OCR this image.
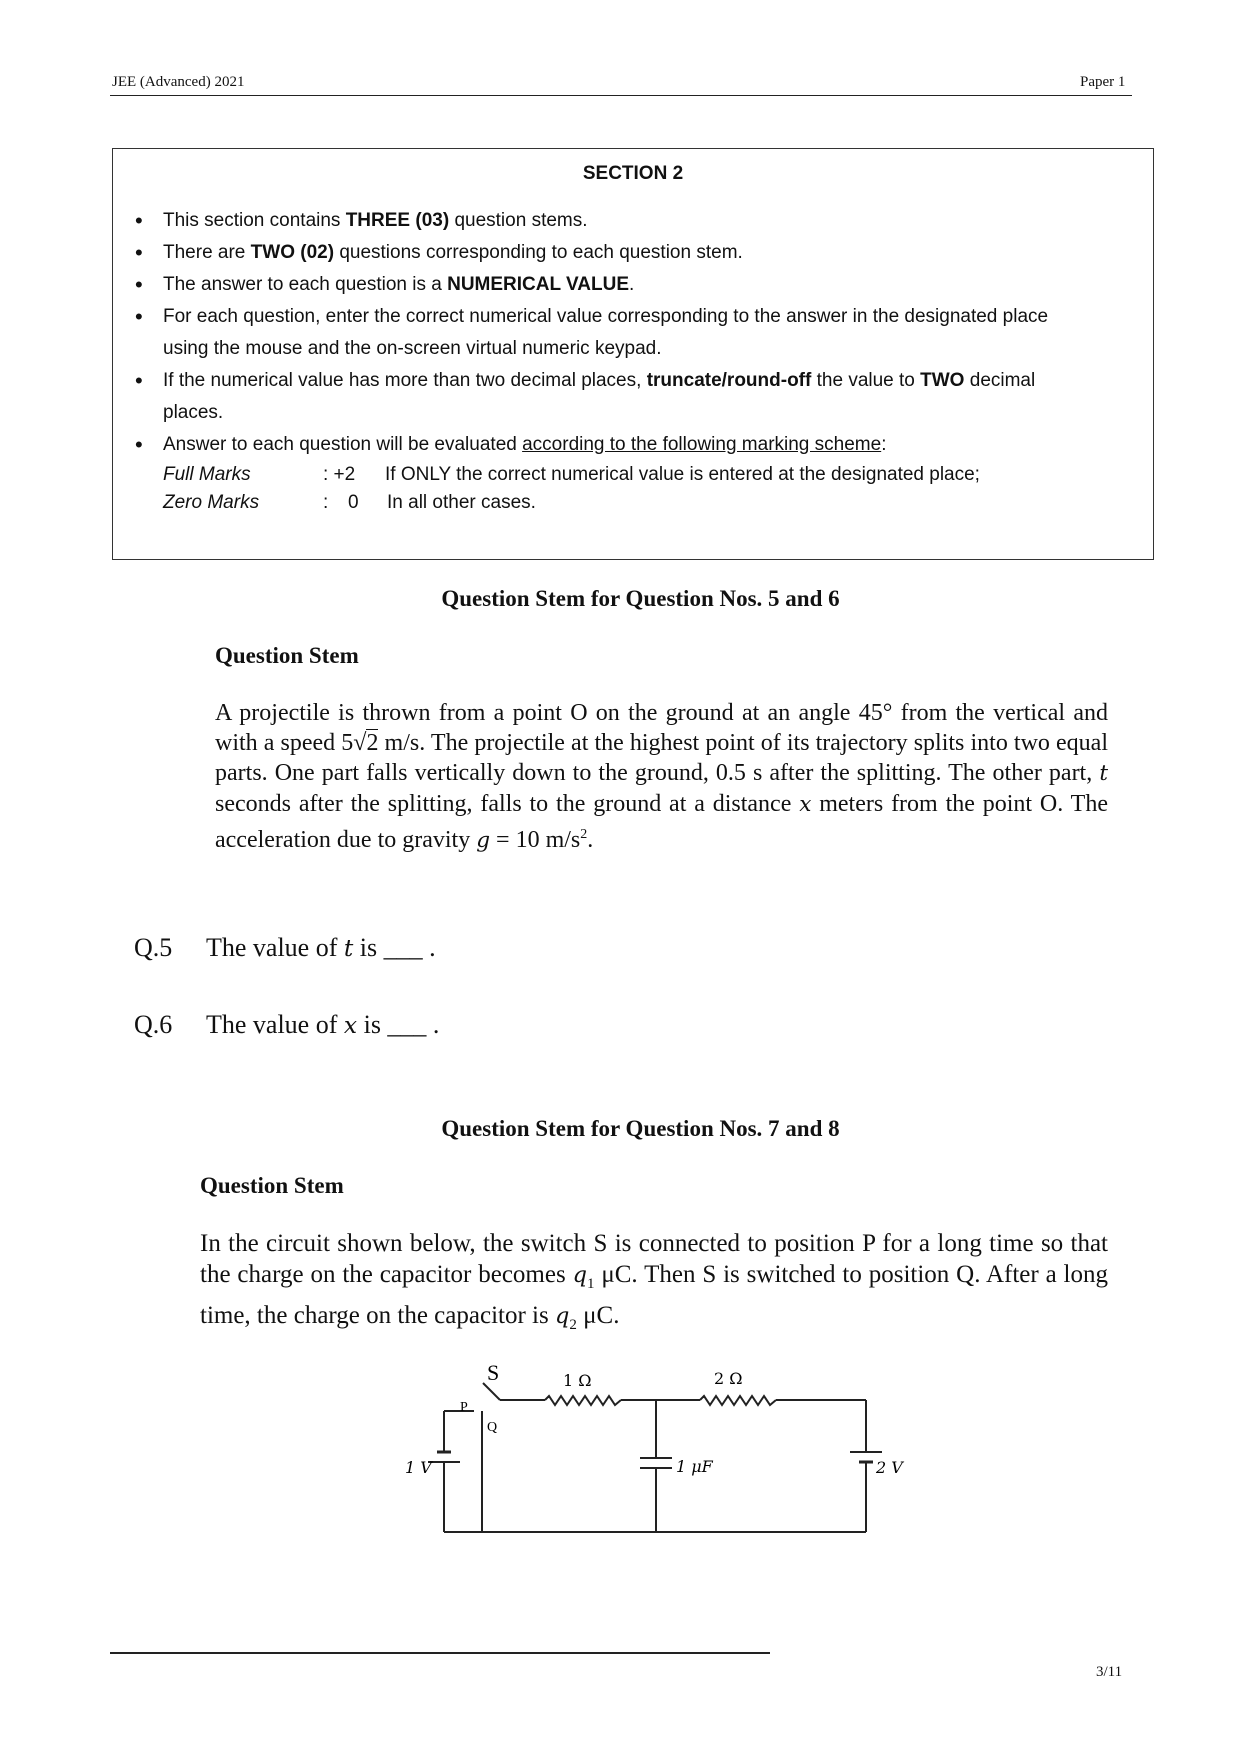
JEE (Advanced) 2021	Paper 1
SECTION 2
• This section contains THREE (03) question stems.
• There are TWO (02) questions corresponding to each question stem.
• The answer to each question is a NUMERICAL VALUE.
• For each question, enter the correct numerical value corresponding to the answer in the designated place
using the mouse and the on-screen virtual numeric keypad.
• If the numerical value has more than two decimal places, truncate/round-off the value to TWO decimal
places.
• Answer to each question will be evaluated according to the following marking scheme:
Full Marks	: +2 If ONLY the correct numerical value is entered at the designated place;
Zero Marks	: 0 In all other cases.
Question Stem for Question Nos. 5 and 6
Question Stem
A projectile is thrown from a point O on the ground at an angle 45° from the vertical and with a speed 5√2 m/s. The projectile at the highest point of its trajectory splits into two equal parts. One part falls vertically down to the ground, 0.5 s after the splitting. The other part, t seconds after the splitting, falls to the ground at a distance x meters from the point O. The acceleration due to gravity g = 10 $m/s^2$.
Q.5 The value of t is ___ .
Q.6 The value of x is ___ .
Question Stem for Question Nos. 7 and 8
Question Stem
In the circuit shown below, the switch S is connected to position P for a long time so that the charge on the capacitor becomes $q_1$ μC. Then S is switched to position Q. After a long time, the charge on the capacitor is $q_2$ μC.
S
P
Q
1 Ω	2 Ω
1 V	1 μF	2 V
3/11
